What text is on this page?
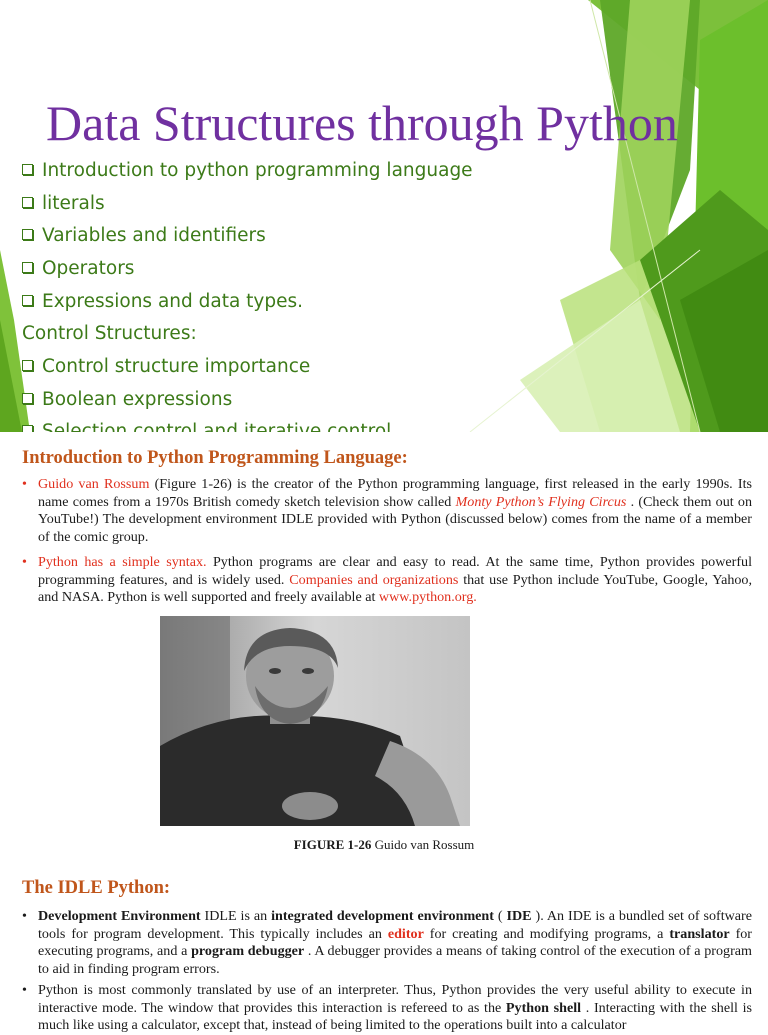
Data Structures through Python
Introduction to python programming language
literals
Variables and identifiers
Operators
Expressions and data types.
Control Structures:
Control structure importance
Boolean expressions
Introduction to Python Programming Language:

• Guido van Rossum (Figure 1-26) is the creator of the Python programming language, first released in the early 1990s. Its name comes from a 1970s British comedy sketch television show called Monty Python’s Flying Circus . (Check them out on YouTube!) The development environment IDLE provided with Python (discussed below) comes from the name of a member of the comic group.

• Python has a simple syntax. Python programs are clear and easy to read. At the same time, Python provides powerful programming features, and is widely used. Companies and organizations that use Python include YouTube, Google, Yahoo, and NASA. Python is well supported and freely available at www.python.org.

FIGURE 1-26 Guido van Rossum
The IDLE Python:

• Development Environment IDLE is an integrated development environment ( IDE ). An IDE is a bundled set of software tools for program development. This typically includes an editor for creating and modifying programs, a translator for executing programs, and a program debugger . A debugger provides a means of taking control of the execution of a program to aid in finding program errors.

• Python is most commonly translated by use of an interpreter. Thus, Python provides the very useful ability to execute in interactive mode. The window that provides this interaction is refereed to as the Python shell . Interacting with the shell is much like using a calculator, except that, instead of being limited to the operations built into a calculator
